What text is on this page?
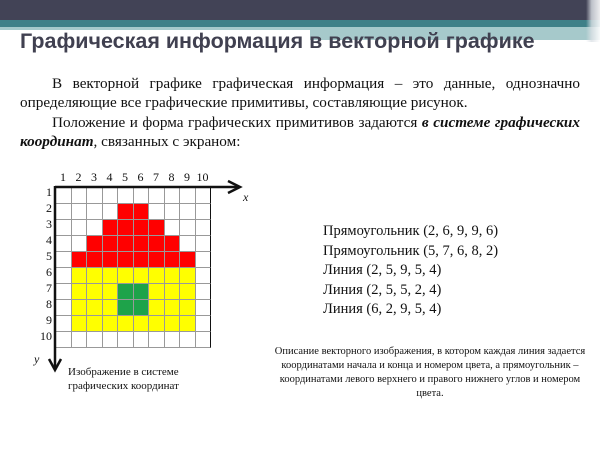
Графическая информация в векторной графике

В векторной графике графическая информация – это данные, однозначно определяющие все графические примитивы, составляющие рисунок.

Положение и форма графических примитивов задаются в системе графических координат, связанных с экраном:

x
y
1 2 3 4 5 6 7 8 9 10
1
2
3
4
5
6
7
8
9
10
Изображение в системе
графических координат
Прямоугольник (2, 6, 9, 9, 6)
Прямоугольник (5, 7, 6, 8, 2)
Линия (2, 5, 9, 5, 4)
Линия (2, 5, 5, 2, 4)
Линия (6, 2, 9, 5, 4)
Описание векторного изображения, в котором каждая линия задается координатами начала и конца и номером цвета, а прямоугольник – координатами левого верхнего и правого нижнего углов и номером цвета.
